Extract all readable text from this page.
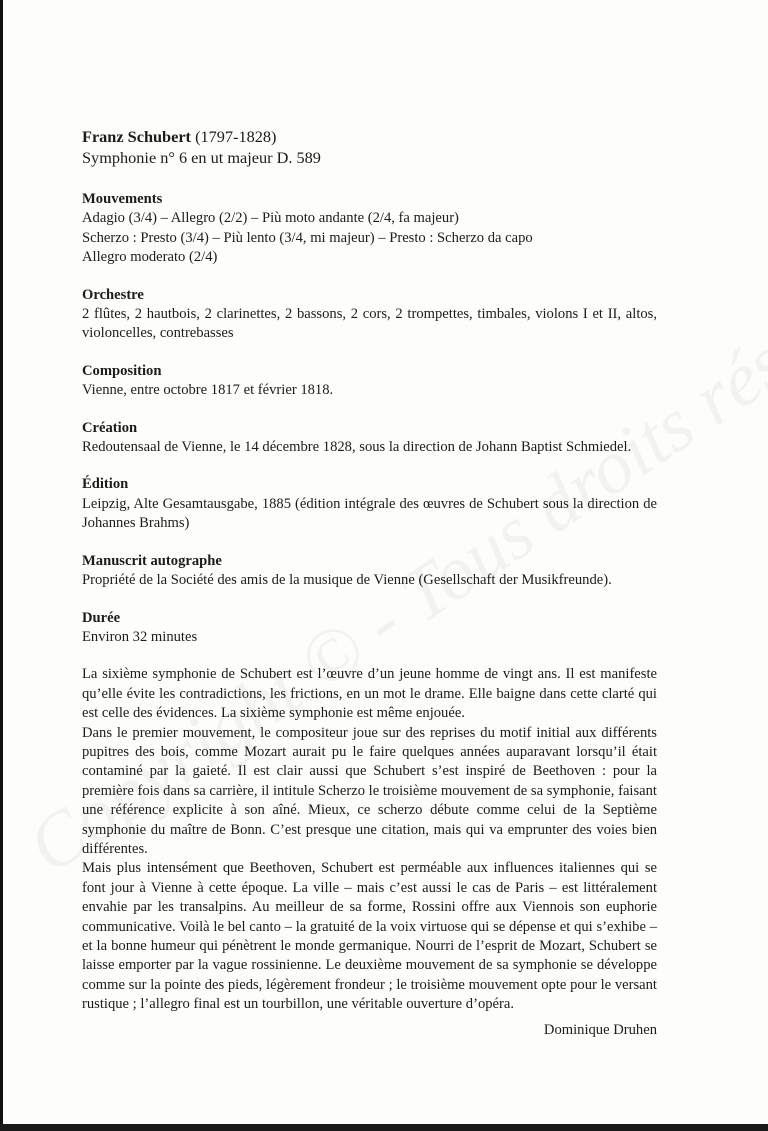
Franz Schubert (1797-1828)
Symphonie n° 6 en ut majeur D. 589
Mouvements
Adagio (3/4) – Allegro (2/2) – Più moto andante (2/4, fa majeur)
Scherzo : Presto (3/4) – Più lento (3/4, mi majeur) – Presto : Scherzo da capo
Allegro moderato (2/4)
Orchestre
2 flûtes, 2 hautbois, 2 clarinettes, 2 bassons, 2 cors, 2 trompettes, timbales, violons I et II, altos, violoncelles, contrebasses
Composition
Vienne, entre octobre 1817 et février 1818.
Création
Redoutensaal de Vienne, le 14 décembre 1828, sous la direction de Johann Baptist Schmiedel.
Édition
Leipzig, Alte Gesamtausgabe, 1885 (édition intégrale des œuvres de Schubert sous la direction de Johannes Brahms)
Manuscrit autographe
Propriété de la Société des amis de la musique de Vienne (Gesellschaft der Musikfreunde).
Durée
Environ 32 minutes

La sixième symphonie de Schubert est l’œuvre d’un jeune homme de vingt ans. Il est manifeste qu’elle évite les contradictions, les frictions, en un mot le drame. Elle baigne dans cette clarté qui est celle des évidences. La sixième symphonie est même enjouée.

Dans le premier mouvement, le compositeur joue sur des reprises du motif initial aux différents pupitres des bois, comme Mozart aurait pu le faire quelques années auparavant lorsqu’il était contaminé par la gaieté. Il est clair aussi que Schubert s’est inspiré de Beethoven : pour la première fois dans sa carrière, il intitule Scherzo le troisième mouvement de sa symphonie, faisant une référence explicite à son aîné. Mieux, ce scherzo débute comme celui de la Septième symphonie du maître de Bonn. C’est presque une citation, mais qui va emprunter des voies bien différentes.

Mais plus intensément que Beethoven, Schubert est perméable aux influences italiennes qui se font jour à Vienne à cette époque. La ville – mais c’est aussi le cas de Paris – est littéralement envahie par les transalpins. Au meilleur de sa forme, Rossini offre aux Viennois son euphorie communicative. Voilà le bel canto – la gratuité de la voix virtuose qui se dépense et qui s’exhibe – et la bonne humeur qui pénètrent le monde germanique. Nourri de l’esprit de Mozart, Schubert se laisse emporter par la vague rossinienne. Le deuxième mouvement de sa symphonie se développe comme sur la pointe des pieds, légèrement frondeur ; le troisième mouvement opte pour le versant rustique ; l’allegro final est un tourbillon, une véritable ouverture d’opéra.

Dominique Druhen
